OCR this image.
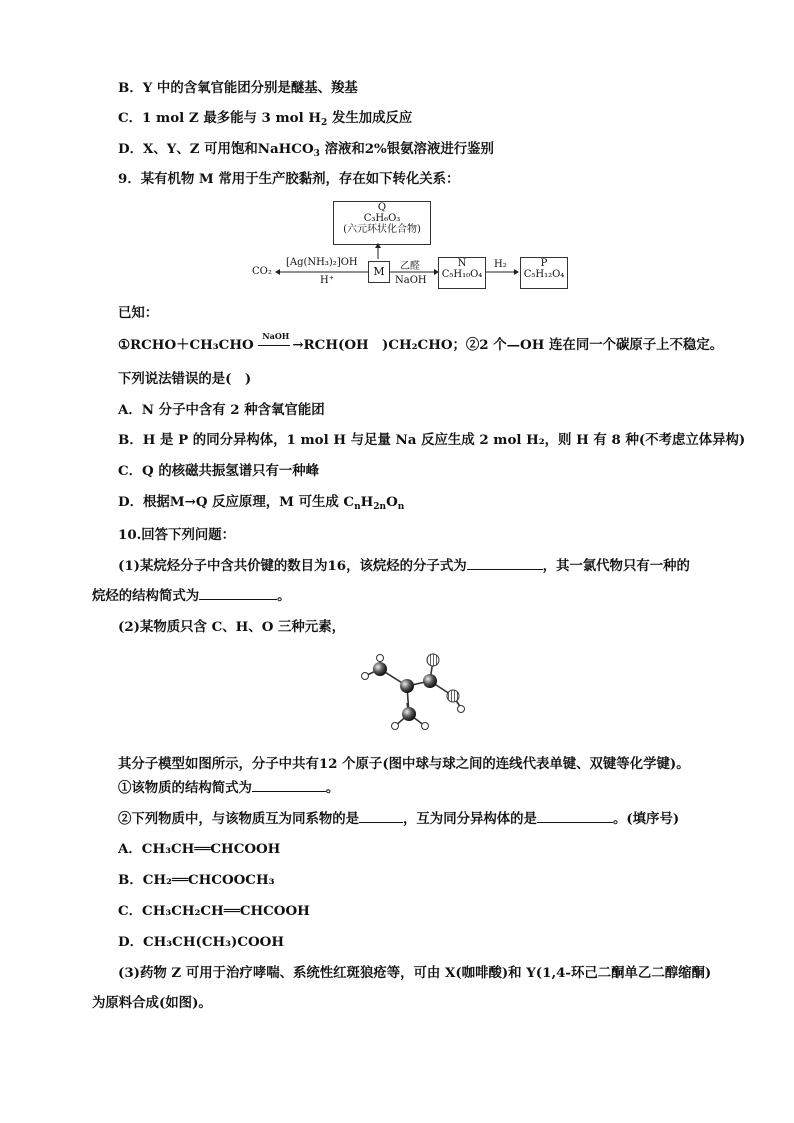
B．Y 中的含氧官能团分别是醚基、羧基
C．1 mol Z 最多能与 3 mol $H_2$ 发生加成反应
D．X、Y、Z 可用饱和NaHCO$_3$ 溶液和2%银氨溶液进行鉴别
9．某有机物 M 常用于生产胶黏剂，存在如下转化关系：
Q
C₃H₆O₃
(六元环状化合物)
CO₂
[Ag(NH₃)₂]OH
H⁺
M	乙醛
NaOH
N
C₅H₁₀O₄
H₂	P
C₅H₁₂O₄
已知：
①RCHO＋CH₃CHO
NaOH
→RCH(OH　)CH₂CHO；②2 个—OH 连在同一个碳原子上不稳定。
下列说法错误的是(　)
A．N 分子中含有 2 种含氧官能团
B．H 是 P 的同分异构体，1 mol H 与足量 Na 反应生成 2 mol H₂，则 H 有 8 种(不考虑立体异构)
C．Q 的核磁共振氢谱只有一种峰
D．根据M→Q 反应原理，M 可生成 $C_nH_{2n}O_n$
10.回答下列问题：
(1)某烷烃分子中含共价键的数目为16，该烷烃的分子式为	，其一氯代物只有一种的
烷烃的结构简式为	。
(2)某物质只含 C、H、O 三种元素，
其分子模型如图所示，分子中共有12 个原子(图中球与球之间的连线代表单键、双键等化学键)。
①该物质的结构简式为	。
②下列物质中，与该物质互为同系物的是	，互为同分异构体的是	。(填序号)
A．CH₃CH══CHCOOH
B．CH₂══CHCOOCH₃
C．CH₃CH₂CH══CHCOOH
D．CH₃CH(CH₃)COOH
(3)药物 Z 可用于治疗哮喘、系统性红斑狼疮等，可由 X(咖啡酸)和 Y(1,4-环己二酮单乙二醇缩酮)
为原料合成(如图)。
